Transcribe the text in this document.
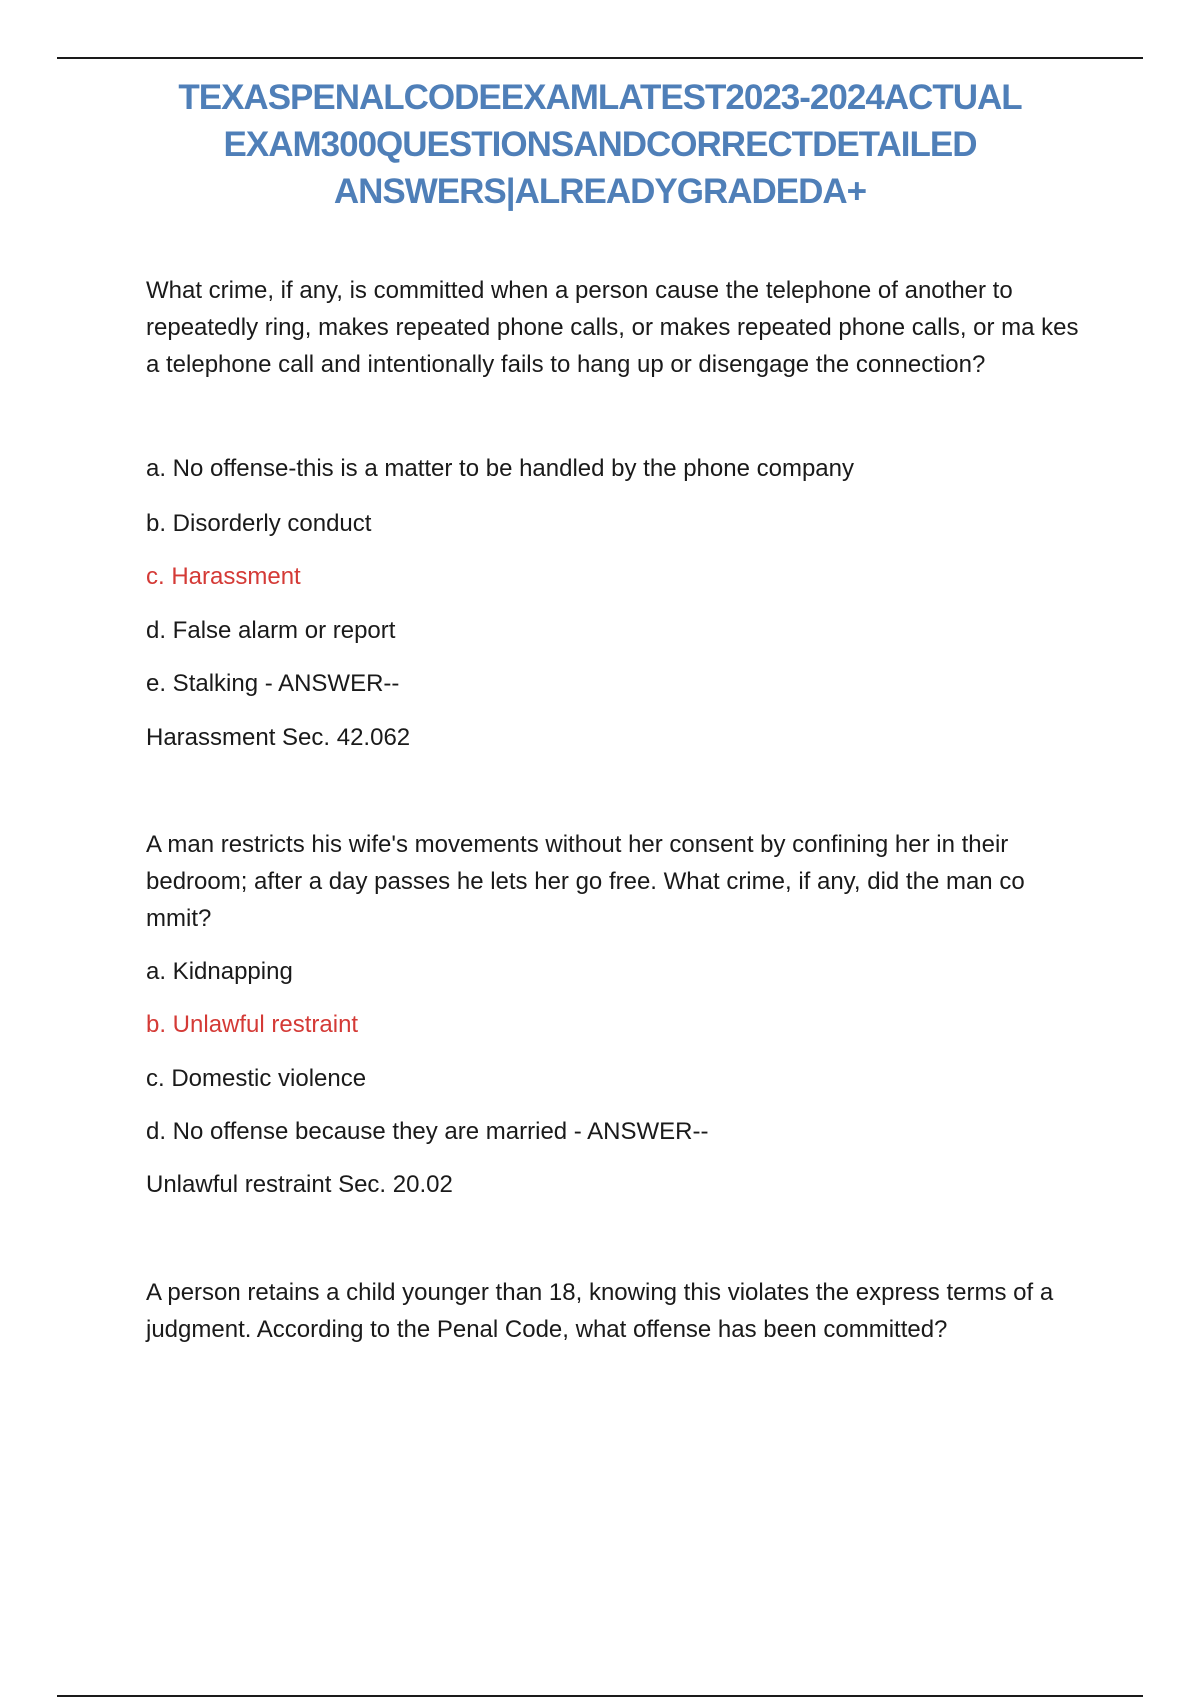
TEXASPENALCODEEXAMLATEST2023-2024ACTUAL
EXAM300QUESTIONSANDCORRECTDETAILED
ANSWERS|ALREADYGRADEDA+
What crime, if any, is committed when a person cause the telephone of another to repeatedly ring, makes repeated phone calls, or makes repeated phone calls, or ma kes a telephone call and intentionally fails to hang up or disengage the connection?
a. No offense-this is a matter to be handled by the phone company
b. Disorderly conduct
c. Harassment
d. False alarm or report
e. Stalking - ANSWER--
Harassment Sec. 42.062
A man restricts his wife's movements without her consent by confining her in their bedroom; after a day passes he lets her go free. What crime, if any, did the man co mmit?
a. Kidnapping
b. Unlawful restraint
c. Domestic violence
d. No offense because they are married - ANSWER--
Unlawful restraint Sec. 20.02
A person retains a child younger than 18, knowing this violates the express terms of a judgment. According to the Penal Code, what offense has been committed?
